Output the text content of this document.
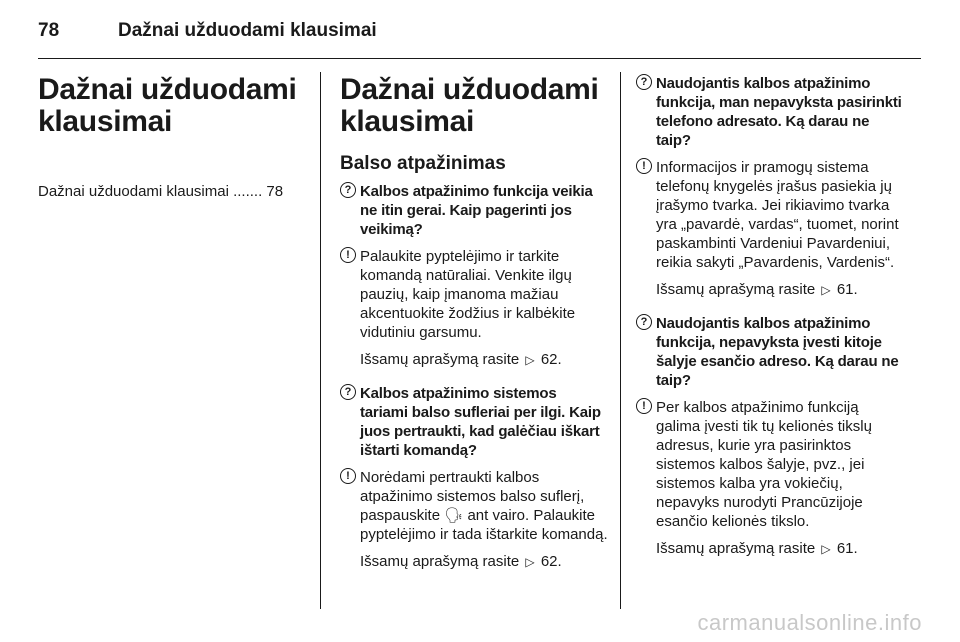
78	Dažnai užduodami klausimai
Dažnai užduodami klausimai
Dažnai užduodami klausimai ....... 78
Dažnai užduodami klausimai
Balso atpažinimas
? Kalbos atpažinimo funkcija veikia ne itin gerai. Kaip pagerinti jos veikimą?
! Palaukite pyptelėjimo ir tarkite komandą natūraliai. Venkite ilgų pauzių, kaip įmanoma mažiau akcentuokite žodžius ir kalbėkite vidutiniu garsumu.
Išsamų aprašymą rasite ▷ 62.
? Kalbos atpažinimo sistemos tariami balso sufleriai per ilgi. Kaip juos pertraukti, kad galėčiau iškart ištarti komandą?
! Norėdami pertraukti kalbos atpažinimo sistemos balso suflerį, paspauskite 🗣 ant vairo. Palaukite pyptelėjimo ir tada ištarkite komandą.
Išsamų aprašymą rasite ▷ 62.
? Naudojantis kalbos atpažinimo funkcija, man nepavyksta pasirinkti telefono adresato. Ką darau ne taip?
! Informacijos ir pramogų sistema telefonų knygelės įrašus pasiekia jų įrašymo tvarka. Jei rikiavimo tvarka yra „pavardė, vardas“, tuomet, norint paskambinti Vardeniui Pavardeniui, reikia sakyti „Pavardenis, Vardenis“.
Išsamų aprašymą rasite ▷ 61.
? Naudojantis kalbos atpažinimo funkcija, nepavyksta įvesti kitoje šalyje esančio adreso. Ką darau ne taip?
! Per kalbos atpažinimo funkciją galima įvesti tik tų kelionės tikslų adresus, kurie yra pasirinktos sistemos kalbos šalyje, pvz., jei sistemos kalba yra vokiečių, nepavyks nurodyti Prancūzijoje esančio kelionės tikslo.
Išsamų aprašymą rasite ▷ 61.
carmanualsonline.info
